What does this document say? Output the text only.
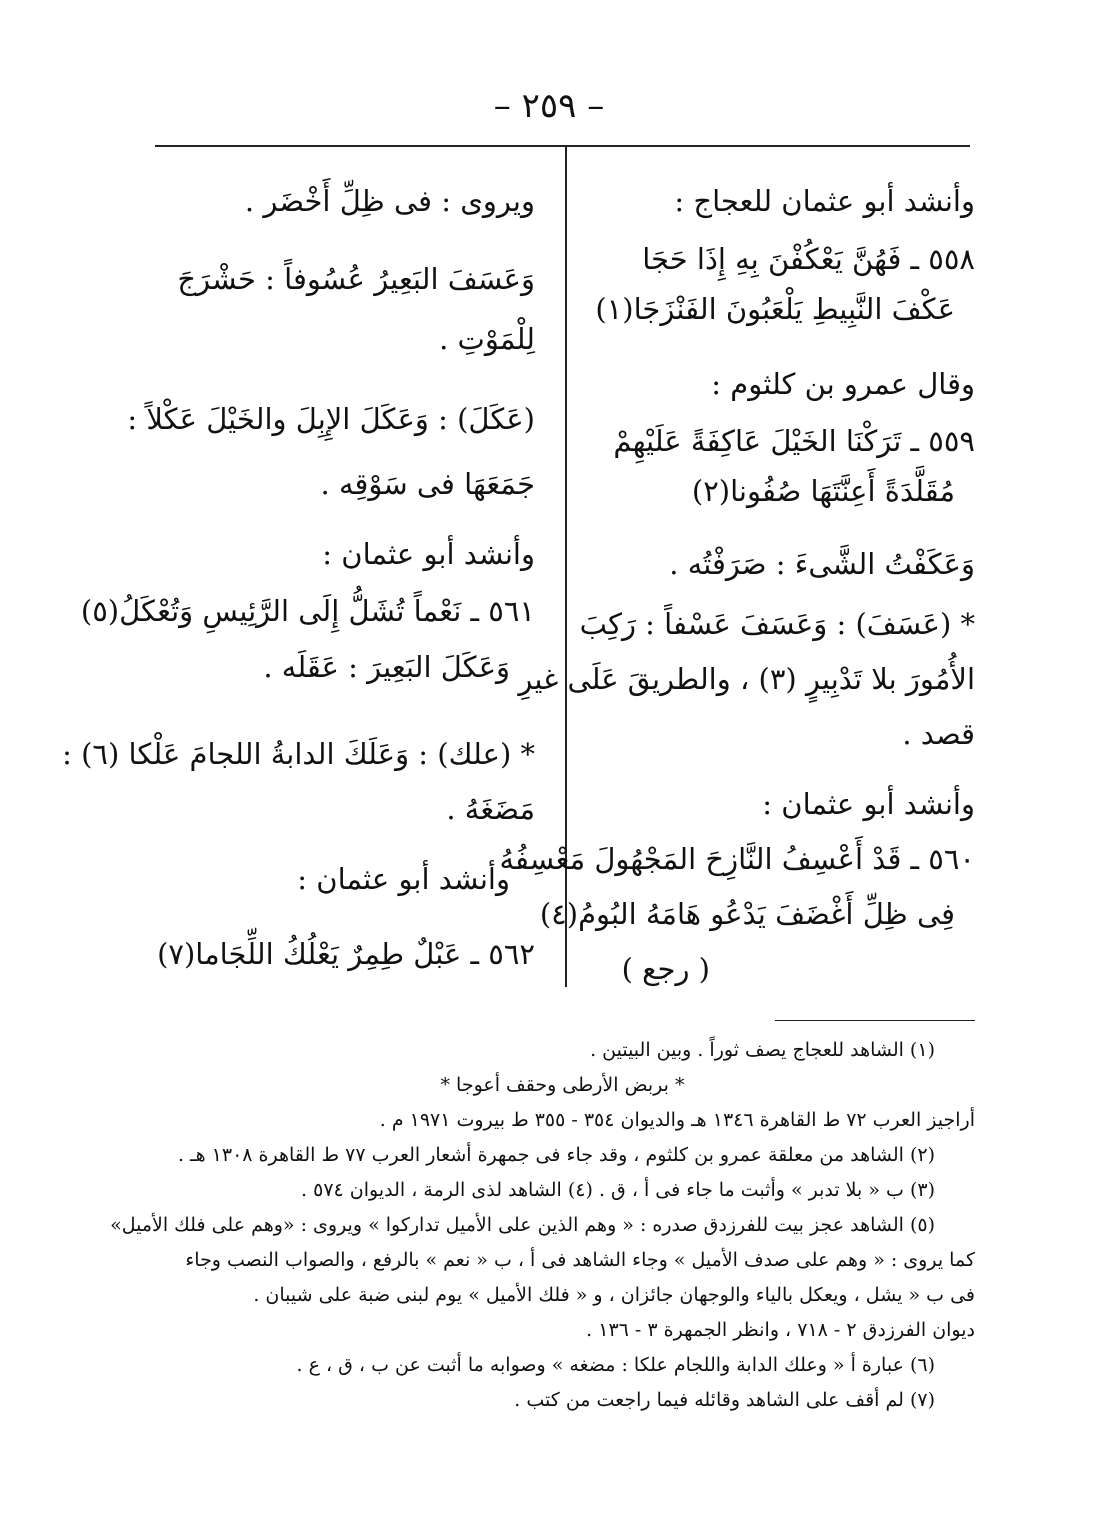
– ٢٥٩ –
وأنشد أبو عثمان للعجاج :
٥٥٨ ـ فَهُنَّ يَعْكُفْنَ بِهِ إِذَا حَجَا
عَكْفَ النَّبِيطِ يَلْعَبُونَ الفَنْزَجَا(١)
وقال عمرو بن كلثوم :
٥٥٩ ـ تَرَكْنَا الخَيْلَ عَاكِفَةً عَلَيْهِمْ
مُقَلَّدَةً أَعِنَّتَهَا صُفُونا(٢)
وَعَكَفْتُ الشَّىءَ : صَرَفْتُه .
* (عَسَفَ) : وَعَسَفَ عَسْفاً : رَكِبَ
الأُمُورَ بلا تَدْبِيرٍ (٣) ، والطريقَ عَلَى غيرِ
قصد .
وأنشد أبو عثمان :
٥٦٠ ـ قَدْ أَعْسِفُ النَّازِحَ المَجْهُولَ مَعْسِفُهُ
فِى ظِلِّ أَغْضَفَ يَدْعُو هَامَهُ البُومُ(٤)
( رجع )
ويروى : فى ظِلِّ أَخْضَر .
وَعَسَفَ البَعِيرُ عُسُوفاً : حَشْرَجَ
لِلْمَوْتِ .
(عَكَلَ) : وَعَكَلَ الإِبِلَ والخَيْلَ عَكْلاً :
جَمَعَهَا فى سَوْقِه .
وأنشد أبو عثمان :
٥٦١ ـ نَعْماً تُشَلُّ إِلَى الرَّئِيسِ وَتُعْكَلُ(٥)
وَعَكَلَ البَعِيرَ : عَقَلَه .
* (علك) : وَعَلَكَ الدابةُ اللجامَ عَلْكا (٦) :
مَضَغَهُ .
وأنشد أبو عثمان :
٥٦٢ ـ عَبْلٌ طِمِرٌ يَعْلُكُ اللِّجَاما(٧)
(١) الشاهد للعجاج يصف ثوراً . وبين البيتين .
* بربض الأرطى وحقف أعوجا *
أراجيز العرب ٧٢ ط القاهرة ١٣٤٦ هـ والديوان ٣٥٤ - ٣٥٥ ط بيروت ١٩٧١ م .
(٢) الشاهد من معلقة عمرو بن كلثوم ، وقد جاء فى جمهرة أشعار العرب ٧٧ ط القاهرة ١٣٠٨ هـ .
(٣) ب « بلا تدبر » وأثبت ما جاء فى أ ، ق . (٤) الشاهد لذى الرمة ، الديوان ٥٧٤ .
(٥) الشاهد عجز بيت للفرزدق صدره : « وهم الذين على الأميل تداركوا » ويروى : «وهم على فلك الأميل»
كما يروى : « وهم على صدف الأميل » وجاء الشاهد فى أ ، ب « نعم » بالرفع ، والصواب النصب وجاء
فى ب « يشل ، ويعكل بالياء والوجهان جائزان ، و « فلك الأميل » يوم لبنى ضبة على شيبان .
ديوان الفرزدق ٢ - ٧١٨ ، وانظر الجمهرة ٣ - ١٣٦ .
(٦) عبارة أ « وعلك الدابة واللجام علكا : مضغه » وصوابه ما أثبت عن ب ، ق ، ع .
(٧) لم أقف على الشاهد وقائله فيما راجعت من كتب .
